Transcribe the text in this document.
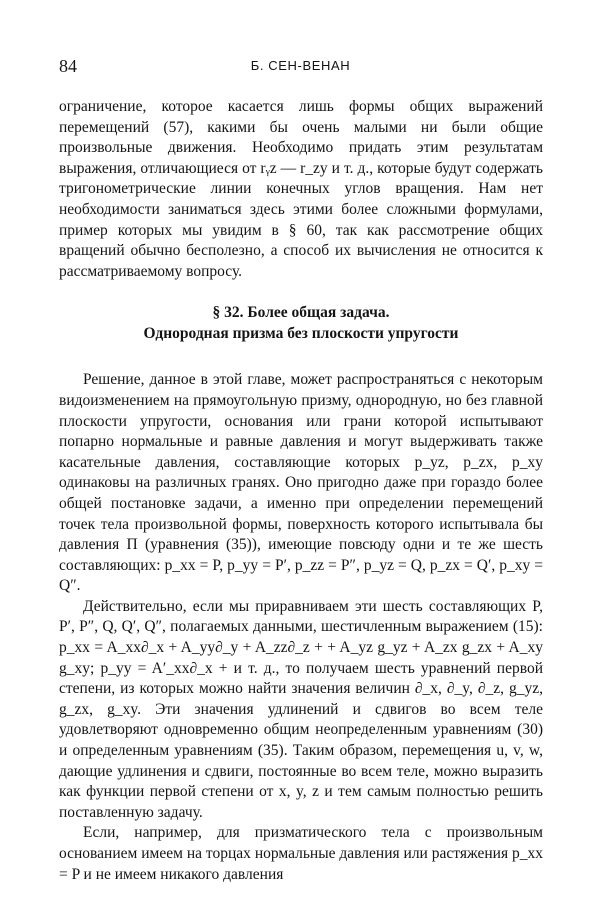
84	Б. СЕН-ВЕНАН

ограничение, которое касается лишь формы общих выражений перемещений (57), какими бы очень малыми ни были общие произвольные движения. Необходимо придать этим результатам выражения, отличающиеся от rᵧz — r_zy и т. д., которые будут содержать тригонометрические линии конечных углов вращения. Нам нет необходимости заниматься здесь этими более сложными формулами, пример которых мы увидим в § 60, так как рассмотрение общих вращений обычно бесполезно, а способ их вычисления не относится к рассматриваемому вопросу.

§ 32. Более общая задача.
Однородная призма без плоскости упругости

Решение, данное в этой главе, может распространяться с некоторым видоизменением на прямоугольную призму, однородную, но без главной плоскости упругости, основания или грани которой испытывают попарно нормальные и равные давления и могут выдерживать также касательные давления, составляющие которых p_yz, p_zx, p_xy одинаковы на различных гранях. Оно пригодно даже при гораздо более общей постановке задачи, а именно при определении перемещений точек тела произвольной формы, поверхность которого испытывала бы давления П (уравнения (35)), имеющие повсюду одни и те же шесть составляющих: p_xx = P, p_yy = P′, p_zz = P″, p_yz = Q, p_zx = Q′, p_xy = Q″.

Действительно, если мы приравниваем эти шесть составляющих P, P′, P″, Q, Q′, Q″, полагаемых данными, шестичленным выражением (15): p_xx = A_xx∂_x + A_yy∂_y + A_zz∂_z + + A_yz g_yz + A_zx g_zx + A_xy g_xy; p_yy = A′_xx∂_x + и т. д., то получаем шесть уравнений первой степени, из которых можно найти значения величин ∂_x, ∂_y, ∂_z, g_yz, g_zx, g_xy. Эти значения удлинений и сдвигов во всем теле удовлетворяют одновременно общим неопределенным уравнениям (30) и определенным уравнениям (35). Таким образом, перемещения u, v, w, дающие удлинения и сдвиги, постоянные во всем теле, можно выразить как функции первой степени от x, y, z и тем самым полностью решить поставленную задачу.

Если, например, для призматического тела с произвольным основанием имеем на торцах нормальные давления или растяжения p_xx = P и не имеем никакого давления
